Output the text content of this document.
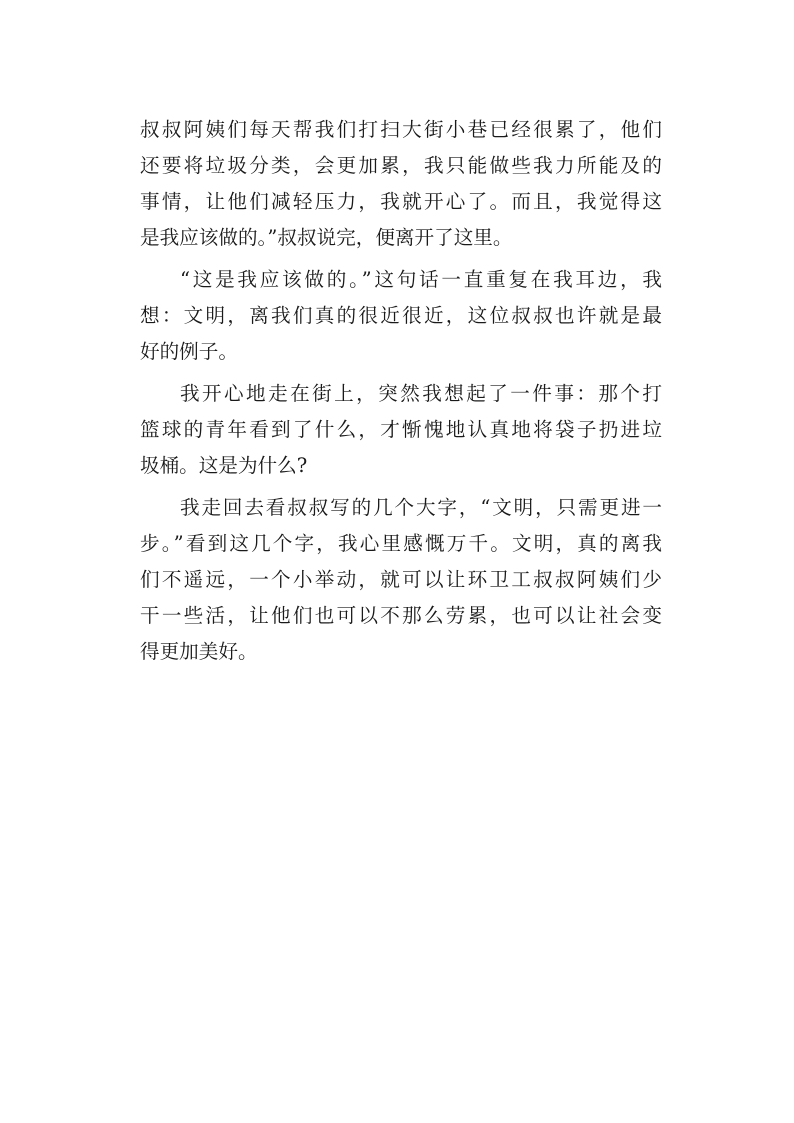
叔叔阿姨们每天帮我们打扫大街小巷已经很累了，他们
还要将垃圾分类，会更加累，我只能做些我力所能及的
事情，让他们减轻压力，我就开心了。而且，我觉得这
是我应该做的。”叔叔说完，便离开了这里。
“这是我应该做的。”这句话一直重复在我耳边，我
想：文明，离我们真的很近很近，这位叔叔也许就是最
好的例子。
我开心地走在街上，突然我想起了一件事：那个打
篮球的青年看到了什么，才惭愧地认真地将袋子扔进垃
圾桶。这是为什么?
我走回去看叔叔写的几个大字，“文明，只需更进一
步。”看到这几个字，我心里感慨万千。文明，真的离我
们不遥远，一个小举动，就可以让环卫工叔叔阿姨们少
干一些活，让他们也可以不那么劳累，也可以让社会变
得更加美好。
